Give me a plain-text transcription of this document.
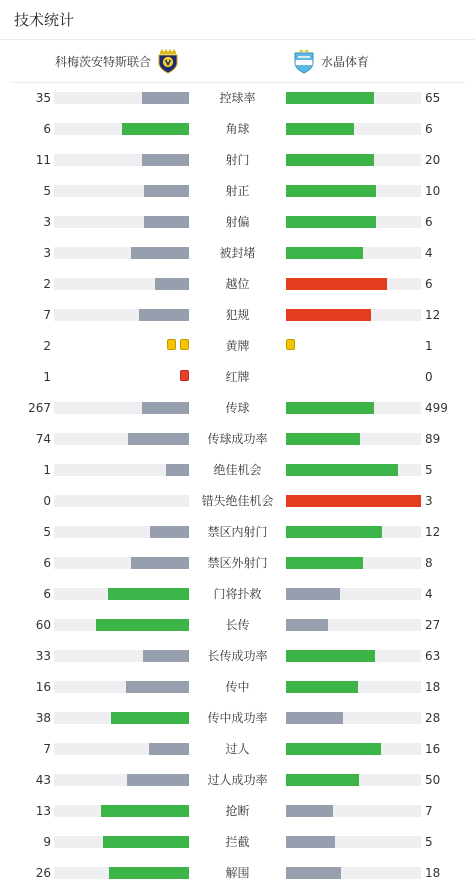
技术统计
科梅茨安特斯联合	水晶体育
35	控球率	65
6	角球	6
11	射门	20
5	射正	10
3	射偏	6
3	被封堵	4
2	越位	6
7	犯规	12
2	黄牌	1
1	红牌	0
267	传球	499
74	传球成功率	89
1	绝佳机会	5
0	错失绝佳机会	3
5	禁区内射门	12
6	禁区外射门	8
6	门将扑救	4
60	长传	27
33	长传成功率	63
16	传中	18
38	传中成功率	28
7	过人	16
43	过人成功率	50
13	抢断	7
9	拦截	5
26	解围	18
